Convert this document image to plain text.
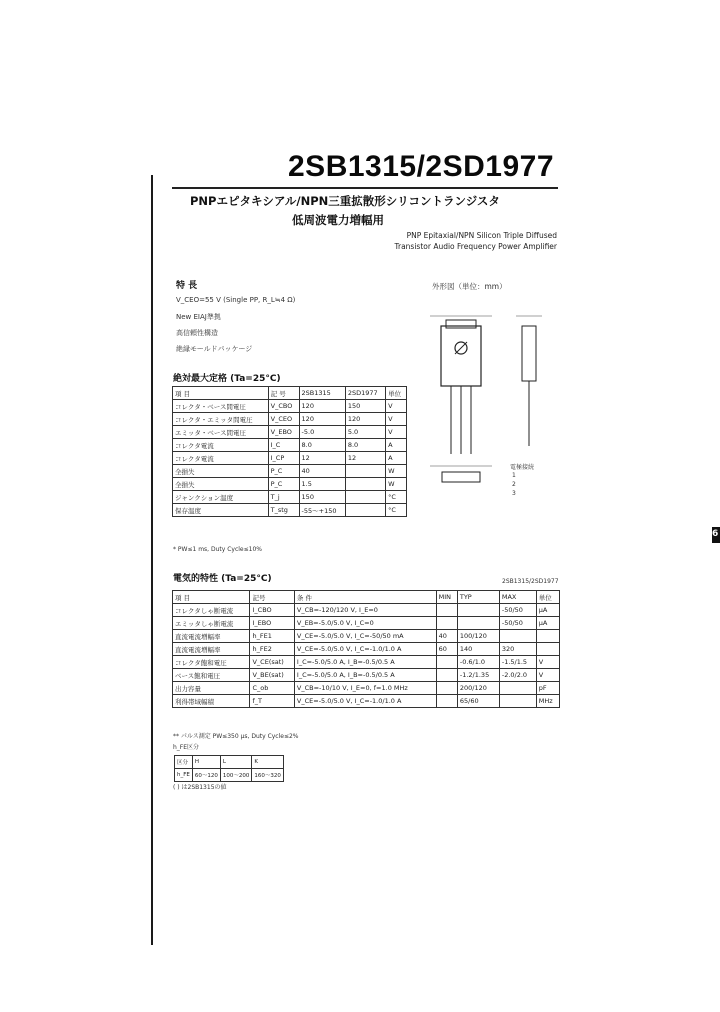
2SB1315/2SD1977
PNPエピタキシアル/NPN三重拡散形シリコントランジスタ
低周波電力増幅用
PNP Epitaxial/NPN Silicon Triple Diffused
Transistor Audio Frequency Power Amplifier
特 長
V_CEO=55 V (Single PP, R_L≒4 Ω)
New EIAJ準拠
高信頼性構造
絶縁モールドパッケージ
外形図（単位：mm）
電極接続
1
2
3
絶対最大定格 (Ta=25°C)
項 目	記 号	2SB1315	2SD1977	単位
コレクタ・ベース間電圧	V_CBO	120	150	V
コレクタ・エミッタ間電圧	V_CEO	120	120	V
エミッタ・ベース間電圧	V_EBO	-5.0	5.0	V
コレクタ電流	I_C	8.0	8.0	A
コレクタ電流	I_CP	12	12	A
全損失	P_C	40		W
全損失	P_C	1.5		W
ジャンクション温度	T_j	150		°C
保存温度	T_stg	-55～+150		°C
* PW≤1 ms, Duty Cycle≤10%
電気的特性 (Ta=25°C)	2SB1315/2SD1977
項 目	記号	条 件	MIN	TYP	MAX	単位
コレクタしゃ断電流	I_CBO	V_CB=-120/120 V, I_E=0			-50/50	μA
エミッタしゃ断電流	I_EBO	V_EB=-5.0/5.0 V, I_C=0			-50/50	μA
直流電流増幅率	h_FE1	V_CE=-5.0/5.0 V, I_C=-50/50 mA	40	100/120		
直流電流増幅率	h_FE2	V_CE=-5.0/5.0 V, I_C=-1.0/1.0 A	60	140	320	
コレクタ飽和電圧	V_CE(sat)	I_C=-5.0/5.0 A, I_B=-0.5/0.5 A		-0.6/1.0	-1.5/1.5	V
ベース飽和電圧	V_BE(sat)	I_C=-5.0/5.0 A, I_B=-0.5/0.5 A		-1.2/1.35	-2.0/2.0	V
出力容量	C_ob	V_CB=-10/10 V, I_E=0, f=1.0 MHz		200/120		pF
利得帯域幅積	f_T	V_CE=-5.0/5.0 V, I_C=-1.0/1.0 A		65/60		MHz
** パルス測定 PW≤350 μs, Duty Cycle≤2%
h_FE区分
区分	H	L	K
h_FE	60～120	100～200	160～320
( ) は2SB1315の値
6
